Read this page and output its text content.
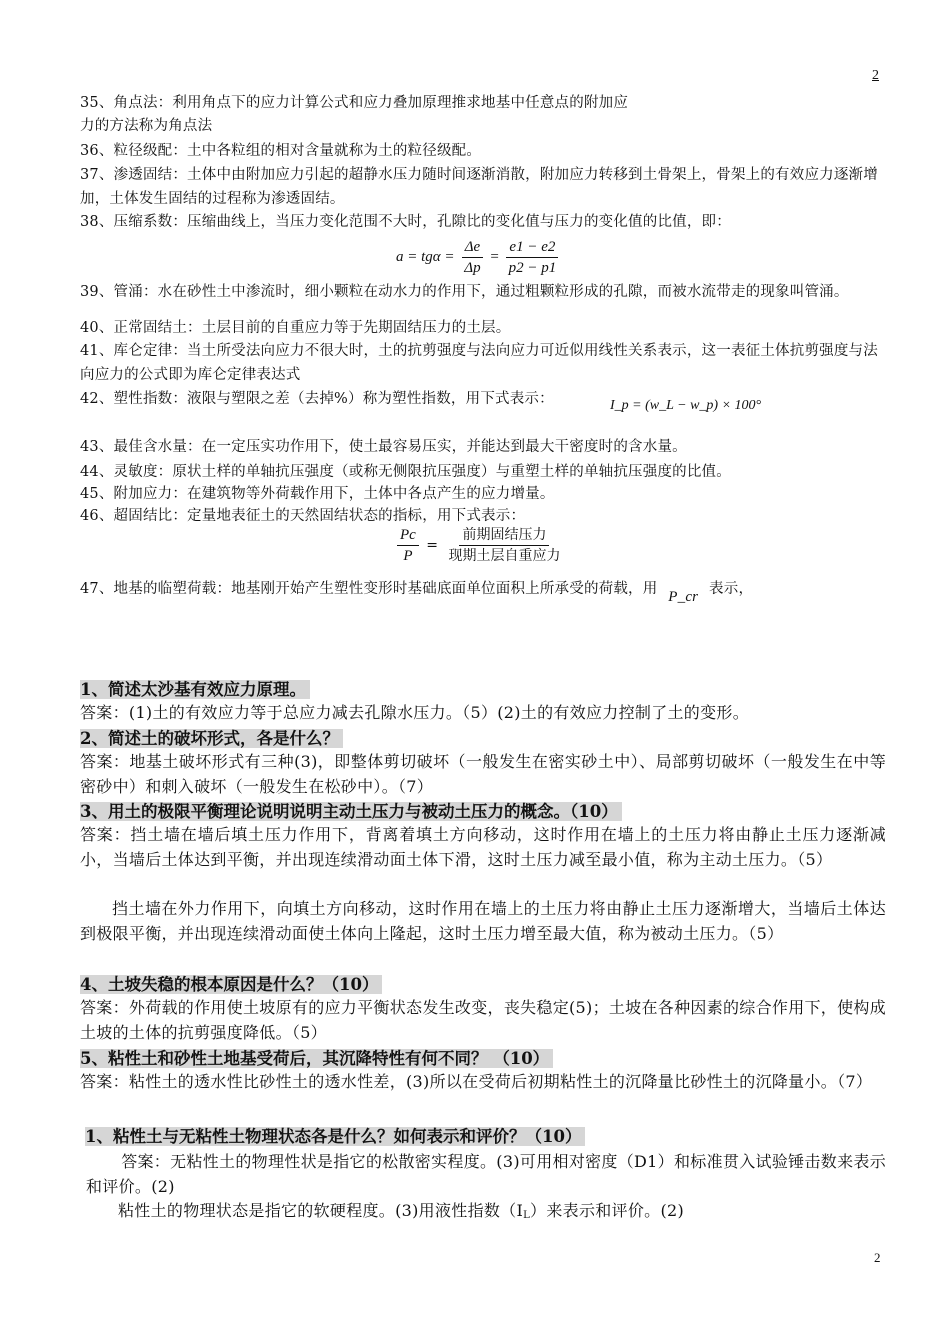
2
35、角点法：利用角点下的应力计算公式和应力叠加原理推求地基中任意点的附加应
力的方法称为角点法
36、粒径级配：土中各粒组的相对含量就称为土的粒径级配。
37、渗透固结：土体中由附加应力引起的超静水压力随时间逐渐消散，附加应力转移到土骨架上，骨架上的有效应力逐渐增加，土体发生固结的过程称为渗透固结。
38、压缩系数：压缩曲线上，当压力变化范围不大时，孔隙比的变化值与压力的变化值的比值，即：
$a = tg\alpha = \frac{\Delta e}{\Delta p} = \frac{e1 - e2}{p2 - p1}$
39、管涌：水在砂性土中渗流时，细小颗粒在动水力的作用下，通过粗颗粒形成的孔隙，而被水流带走的现象叫管涌。
40、正常固结土：土层目前的自重应力等于先期固结压力的土层。
41、库仑定律：当土所受法向应力不很大时，土的抗剪强度与法向应力可近似用线性关系表示，这一表征土体抗剪强度与法向应力的公式即为库仑定律表达式
42、塑性指数：液限与塑限之差（去掉%）称为塑性指数，用下式表示：	I_p = (w_L − w_p) × 100°
43、最佳含水量：在一定压实功作用下，使土最容易压实，并能达到最大干密度时的含水量。
44、灵敏度：原状土样的单轴抗压强度（或称无侧限抗压强度）与重塑土样的单轴抗压强度的比值。
45、附加应力：在建筑物等外荷载作用下，土体中各点产生的应力增量。
46、超固结比：定量地表征土的天然固结状态的指标，用下式表示：
$\frac{Pc}{P} = \frac{\text{前期固结压力}}{\text{现期土层自重应力}}$
47、地基的临塑荷载：地基刚开始产生塑性变形时基础底面单位面积上所承受的荷载，用 P_cr 表示，
1、简述太沙基有效应力原理。
答案：(1)土的有效应力等于总应力减去孔隙水压力。（5）(2)土的有效应力控制了土的变形。
2、简述土的破坏形式，各是什么？
答案：地基土破坏形式有三种(3)，即整体剪切破坏（一般发生在密实砂土中）、局部剪切破坏（一般发生在中等密砂中）和刺入破坏（一般发生在松砂中）。（7）
3、用土的极限平衡理论说明说明主动土压力与被动土压力的概念。（10）
答案：挡土墙在墙后填土压力作用下，背离着填土方向移动，这时作用在墙上的土压力将由静止土压力逐渐减小，当墙后土体达到平衡，并出现连续滑动面土体下滑，这时土压力减至最小值，称为主动土压力。（5）
挡土墙在外力作用下，向填土方向移动，这时作用在墙上的土压力将由静止土压力逐渐增大，当墙后土体达到极限平衡，并出现连续滑动面使土体向上隆起，这时土压力增至最大值，称为被动土压力。（5）
4、土坡失稳的根本原因是什么？（10）
答案：外荷载的作用使土坡原有的应力平衡状态发生改变，丧失稳定(5)；土坡在各种因素的综合作用下，使构成土坡的土体的抗剪强度降低。（5）
5、粘性土和砂性土地基受荷后，其沉降特性有何不同？ （10）
答案：粘性土的透水性比砂性土的透水性差，(3)所以在受荷后初期粘性土的沉降量比砂性土的沉降量小。（7）
1、粘性土与无粘性土物理状态各是什么？如何表示和评价？（10）
答案：无粘性土的物理性状是指它的松散密实程度。(3)可用相对密度（D1）和标准贯入试验锤击数来表示和评价。(2)
粘性土的物理状态是指它的软硬程度。(3)用液性指数$(I_L)$来表示和评价。(2)
2
